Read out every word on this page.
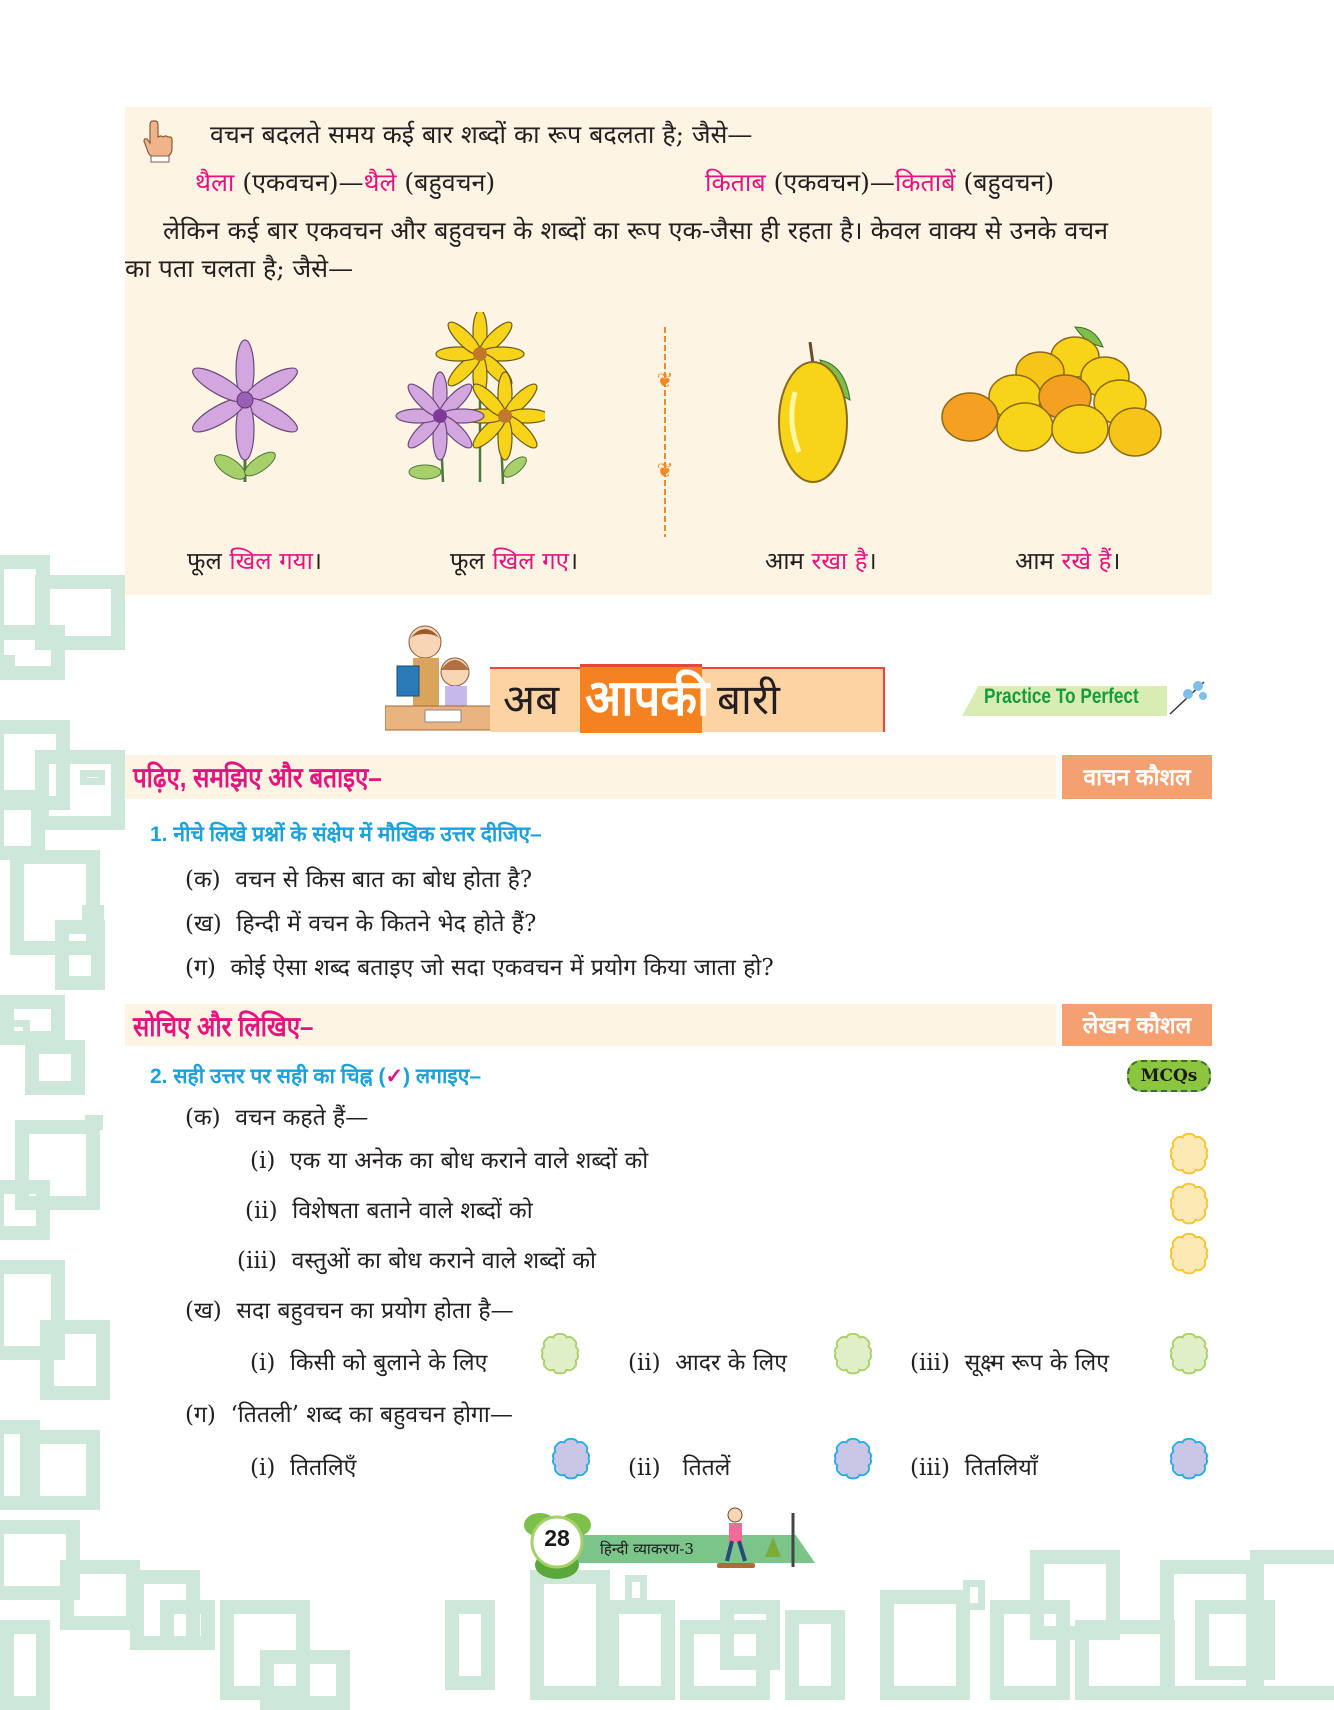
वचन बदलते समय कई बार शब्दों का रूप बदलता है; जैसे—
थैला (एकवचन)—थैले (बहुवचन)	किताब (एकवचन)—किताबें (बहुवचन)
लेकिन कई बार एकवचन और बहुवचन के शब्दों का रूप एक-जैसा ही रहता है। केवल वाक्य से उनके वचन
का पता चलता है; जैसे—
❦
❦
फूल खिल गया।	फूल खिल गए।	आम रखा है।	आम रखे हैं।
अब आपकी बारी	Practice To Perfect
पढ़िए, समझिए और बताइए–	वाचन कौशल
1. नीचे लिखे प्रश्नों के संक्षेप में मौखिक उत्तर दीजिए–
(क) वचन से किस बात का बोध होता है?
(ख) हिन्दी में वचन के कितने भेद होते हैं?
(ग) कोई ऐसा शब्द बताइए जो सदा एकवचन में प्रयोग किया जाता हो?
सोचिए और लिखिए–	लेखन कौशल
2. सही उत्तर पर सही का चिह्न (✓) लगाइए–	MCQs
(क) वचन कहते हैं—
(i) एक या अनेक का बोध कराने वाले शब्दों को
(ii) विशेषता बताने वाले शब्दों को
(iii) वस्तुओं का बोध कराने वाले शब्दों को
(ख) सदा बहुवचन का प्रयोग होता है—
(i) किसी को बुलाने के लिए	(ii) आदर के लिए	(iii) सूक्ष्म रूप के लिए
(ग) ‘तितली’ शब्द का बहुवचन होगा—
(i) तितलिएँ	(ii) तितलें	(iii) तितलियाँ
28	हिन्दी व्याकरण-3
